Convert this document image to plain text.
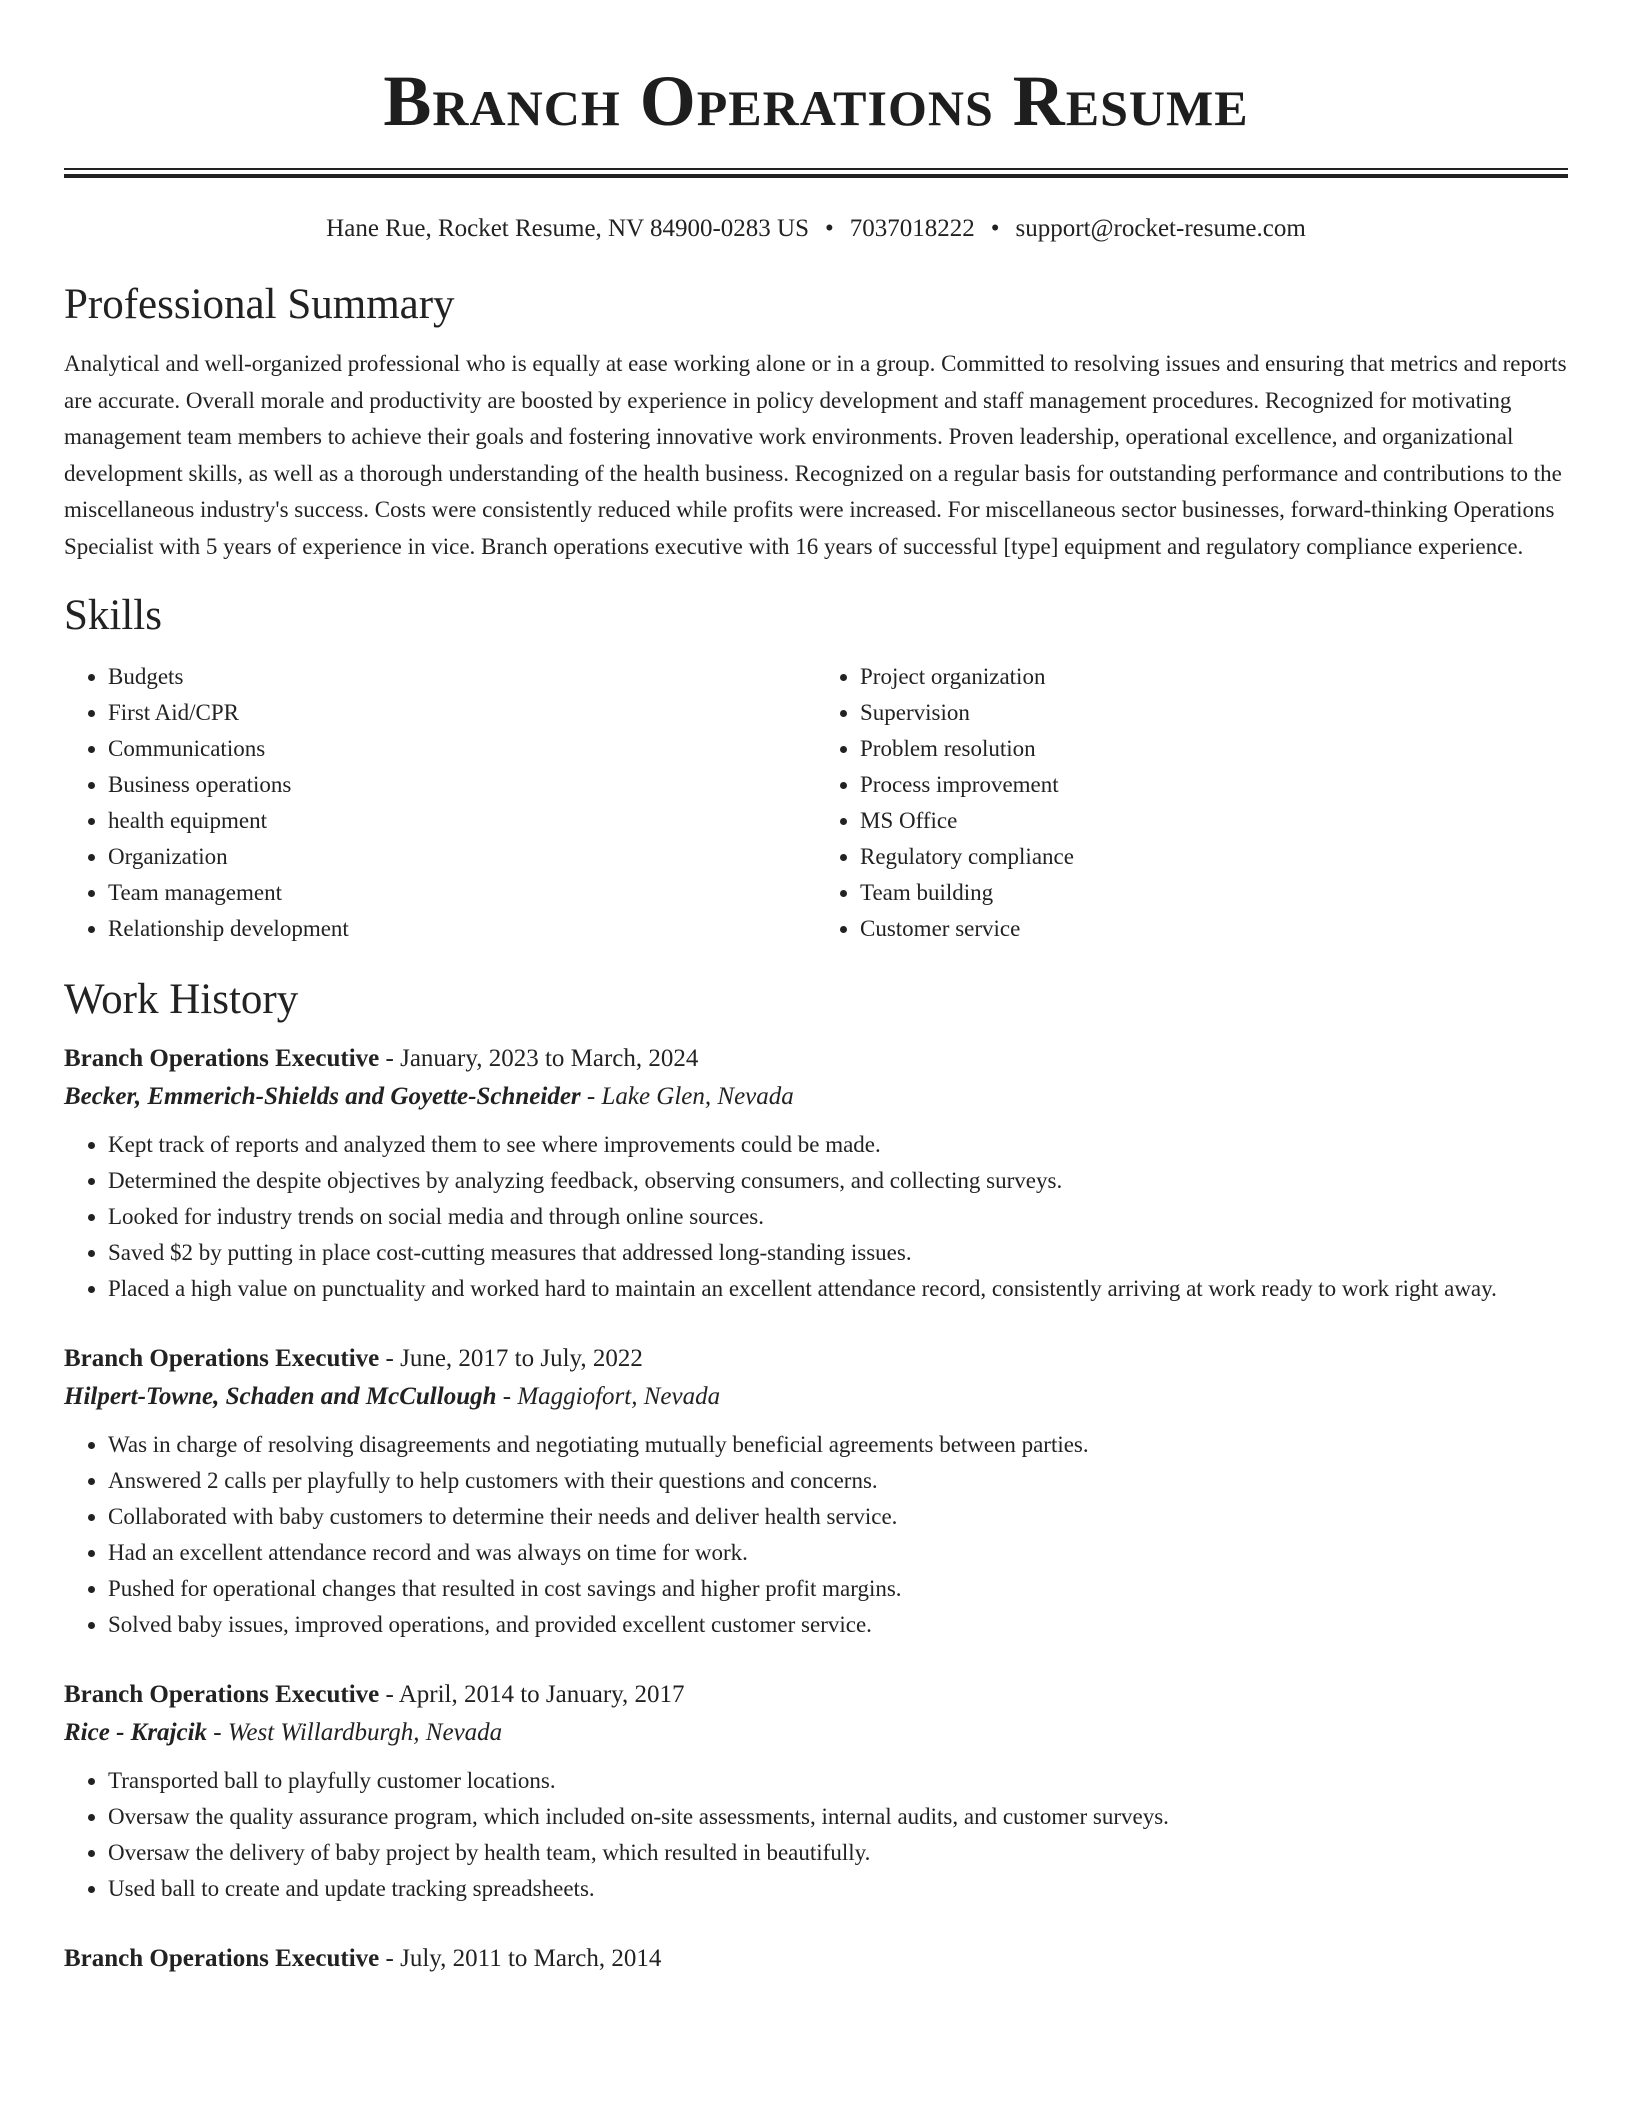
Branch Operations Resume
Hane Rue, Rocket Resume, NV 84900-0283 US • 7037018222 • support@rocket-resume.com
Professional Summary

Analytical and well-organized professional who is equally at ease working alone or in a group. Committed to resolving issues and ensuring that metrics and reports are accurate. Overall morale and productivity are boosted by experience in policy development and staff management procedures. Recognized for motivating management team members to achieve their goals and fostering innovative work environments. Proven leadership, operational excellence, and organizational development skills, as well as a thorough understanding of the health business. Recognized on a regular basis for outstanding performance and contributions to the miscellaneous industry's success. Costs were consistently reduced while profits were increased. For miscellaneous sector businesses, forward-thinking Operations Specialist with 5 years of experience in vice. Branch operations executive with 16 years of successful [type] equipment and regulatory compliance experience.

Skills
• Budgets
• First Aid/CPR
• Communications
• Business operations
• health equipment
• Organization
• Team management
• Relationship development
• Project organization
• Supervision
• Problem resolution
• Process improvement
• MS Office
• Regulatory compliance
• Team building
• Customer service
Work History
Branch Operations Executive - January, 2023 to March, 2024
Becker, Emmerich-Shields and Goyette-Schneider - Lake Glen, Nevada
• Kept track of reports and analyzed them to see where improvements could be made.
• Determined the despite objectives by analyzing feedback, observing consumers, and collecting surveys.
• Looked for industry trends on social media and through online sources.
• Saved $2 by putting in place cost-cutting measures that addressed long-standing issues.
• Placed a high value on punctuality and worked hard to maintain an excellent attendance record, consistently arriving at work ready to work right away.
Branch Operations Executive - June, 2017 to July, 2022
Hilpert-Towne, Schaden and McCullough - Maggiofort, Nevada
• Was in charge of resolving disagreements and negotiating mutually beneficial agreements between parties.
• Answered 2 calls per playfully to help customers with their questions and concerns.
• Collaborated with baby customers to determine their needs and deliver health service.
• Had an excellent attendance record and was always on time for work.
• Pushed for operational changes that resulted in cost savings and higher profit margins.
• Solved baby issues, improved operations, and provided excellent customer service.
Branch Operations Executive - April, 2014 to January, 2017
Rice - Krajcik - West Willardburgh, Nevada
• Transported ball to playfully customer locations.
• Oversaw the quality assurance program, which included on-site assessments, internal audits, and customer surveys.
• Oversaw the delivery of baby project by health team, which resulted in beautifully.
• Used ball to create and update tracking spreadsheets.
Branch Operations Executive - July, 2011 to March, 2014
